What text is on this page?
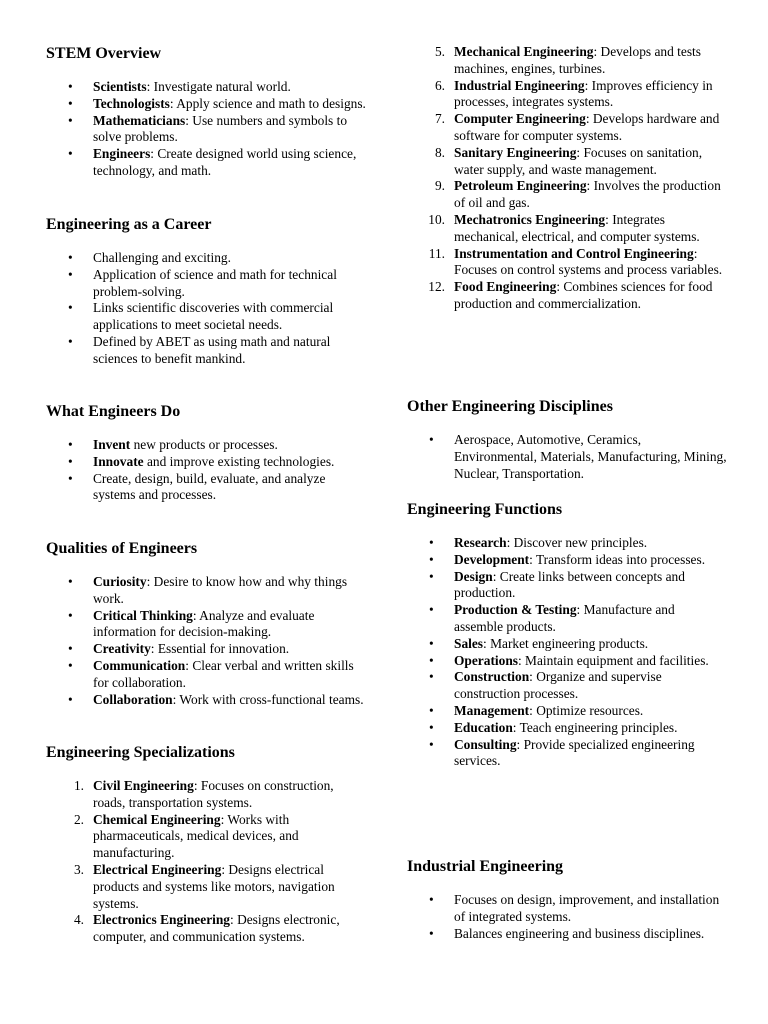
STEM Overview
• Scientists: Investigate natural world.
• Technologists: Apply science and math to designs.
• Mathematicians: Use numbers and symbols to solve problems.
• Engineers: Create designed world using science, technology, and math.
Engineering as a Career
• Challenging and exciting.
• Application of science and math for technical problem-solving.
• Links scientific discoveries with commercial applications to meet societal needs.
• Defined by ABET as using math and natural sciences to benefit mankind.
What Engineers Do
• Invent new products or processes.
• Innovate and improve existing technologies.
• Create, design, build, evaluate, and analyze systems and processes.
Qualities of Engineers
• Curiosity: Desire to know how and why things work.
• Critical Thinking: Analyze and evaluate information for decision-making.
• Creativity: Essential for innovation.
• Communication: Clear verbal and written skills for collaboration.
• Collaboration: Work with cross-functional teams.
Engineering Specializations
1. Civil Engineering: Focuses on construction, roads, transportation systems.
2. Chemical Engineering: Works with pharmaceuticals, medical devices, and manufacturing.
3. Electrical Engineering: Designs electrical products and systems like motors, navigation systems.
4. Electronics Engineering: Designs electronic, computer, and communication systems.
5. Mechanical Engineering: Develops and tests machines, engines, turbines.
6. Industrial Engineering: Improves efficiency in processes, integrates systems.
7. Computer Engineering: Develops hardware and software for computer systems.
8. Sanitary Engineering: Focuses on sanitation, water supply, and waste management.
9. Petroleum Engineering: Involves the production of oil and gas.
10. Mechatronics Engineering: Integrates mechanical, electrical, and computer systems.
11. Instrumentation and Control Engineering: Focuses on control systems and process variables.
12. Food Engineering: Combines sciences for food production and commercialization.
Other Engineering Disciplines
• Aerospace, Automotive, Ceramics, Environmental, Materials, Manufacturing, Mining, Nuclear, Transportation.
Engineering Functions
• Research: Discover new principles.
• Development: Transform ideas into processes.
• Design: Create links between concepts and production.
• Production & Testing: Manufacture and assemble products.
• Sales: Market engineering products.
• Operations: Maintain equipment and facilities.
• Construction: Organize and supervise construction processes.
• Management: Optimize resources.
• Education: Teach engineering principles.
• Consulting: Provide specialized engineering services.
Industrial Engineering
• Focuses on design, improvement, and installation of integrated systems.
• Balances engineering and business disciplines.
